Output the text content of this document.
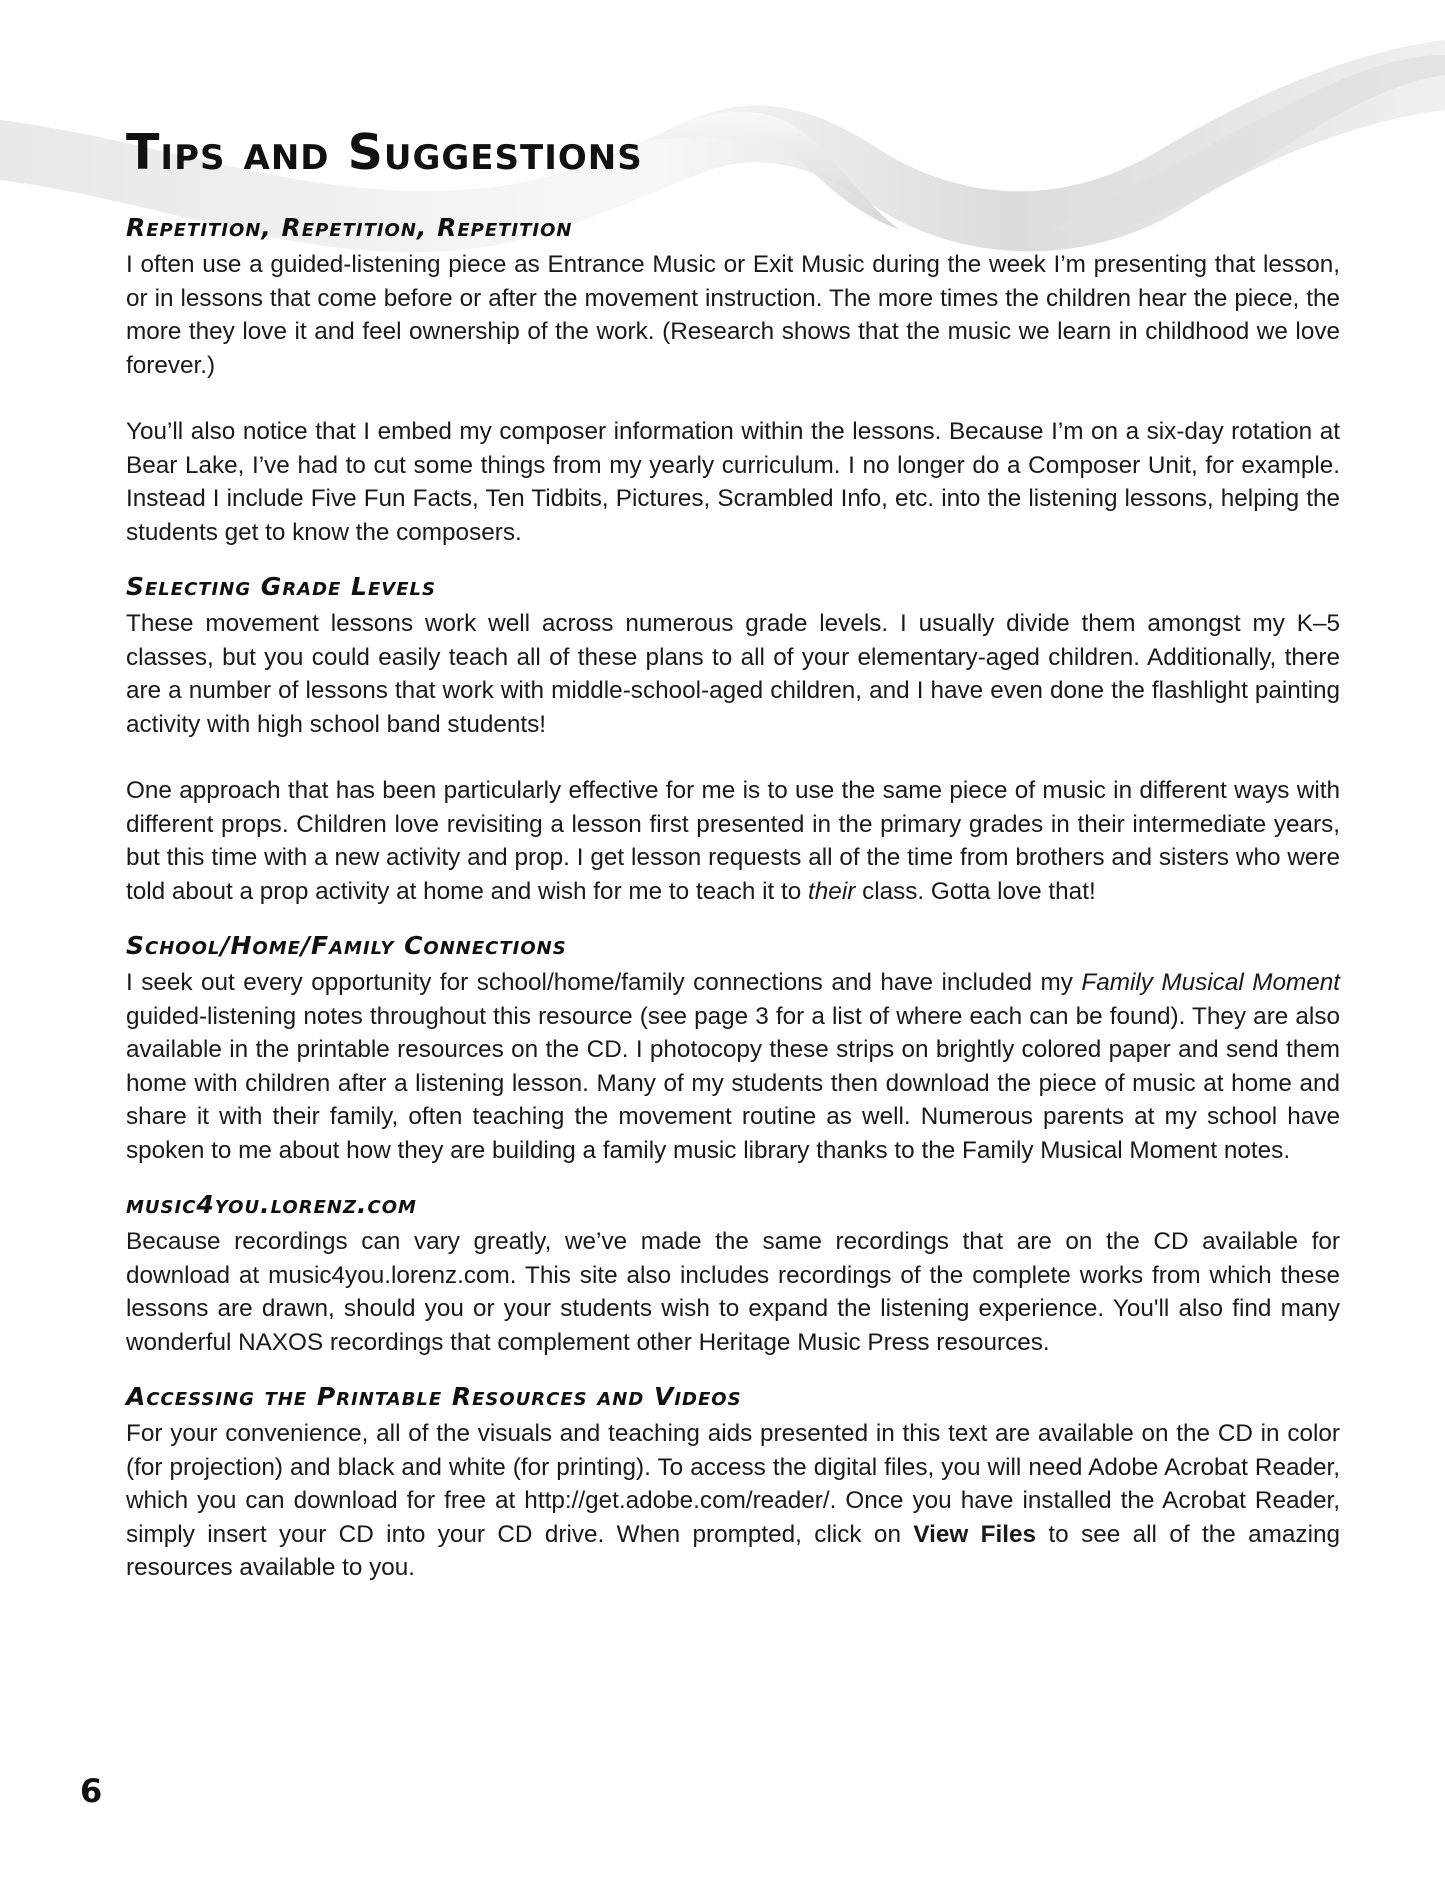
Tips and Suggestions
Repetition, Repetition, Repetition

I often use a guided-listening piece as Entrance Music or Exit Music during the week I’m presenting that lesson, or in lessons that come before or after the movement instruction. The more times the children hear the piece, the more they love it and feel ownership of the work. (Research shows that the music we learn in childhood we love forever.)

You’ll also notice that I embed my composer information within the lessons. Because I’m on a six-day rotation at Bear Lake, I’ve had to cut some things from my yearly curriculum. I no longer do a Composer Unit, for example. Instead I include Five Fun Facts, Ten Tidbits, Pictures, Scrambled Info, etc. into the listening lessons, helping the students get to know the composers.

Selecting Grade Levels

These movement lessons work well across numerous grade levels. I usually divide them amongst my K–5 classes, but you could easily teach all of these plans to all of your elementary-aged children. Additionally, there are a number of lessons that work with middle-school-aged children, and I have even done the flashlight painting activity with high school band students!

One approach that has been particularly effective for me is to use the same piece of music in different ways with different props. Children love revisiting a lesson first presented in the primary grades in their intermediate years, but this time with a new activity and prop. I get lesson requests all of the time from brothers and sisters who were told about a prop activity at home and wish for me to teach it to their class. Gotta love that!

School/Home/Family Connections

I seek out every opportunity for school/home/family connections and have included my Family Musical Moment guided-listening notes throughout this resource (see page 3 for a list of where each can be found). They are also available in the printable resources on the CD. I photocopy these strips on brightly colored paper and send them home with children after a listening lesson. Many of my students then download the piece of music at home and share it with their family, often teaching the movement routine as well. Numerous parents at my school have spoken to me about how they are building a family music library thanks to the Family Musical Moment notes.

music4you.lorenz.com

Because recordings can vary greatly, we’ve made the same recordings that are on the CD available for download at music4you.lorenz.com. This site also includes recordings of the complete works from which these lessons are drawn, should you or your students wish to expand the listening experience. You'll also find many wonderful NAXOS recordings that complement other Heritage Music Press resources.

Accessing the Printable Resources and Videos

For your convenience, all of the visuals and teaching aids presented in this text are available on the CD in color (for projection) and black and white (for printing). To access the digital files, you will need Adobe Acrobat Reader, which you can download for free at http://get.adobe.com/reader/. Once you have installed the Acrobat Reader, simply insert your CD into your CD drive. When prompted, click on View Files to see all of the amazing resources available to you.

6
